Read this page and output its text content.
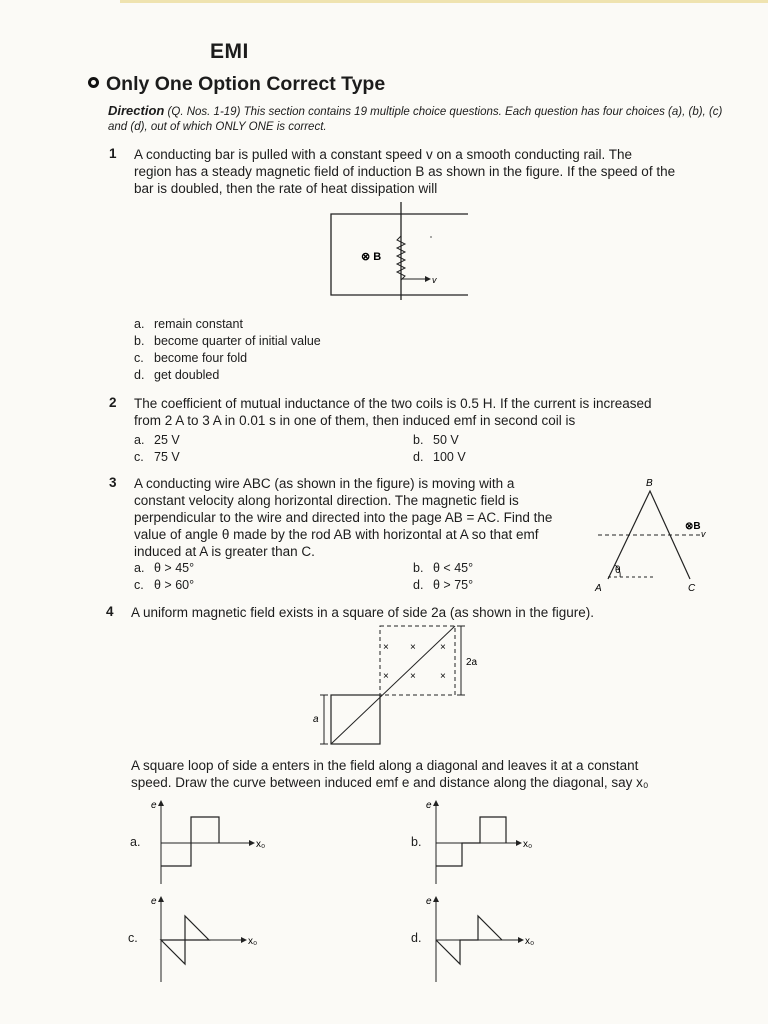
EMI
Only One Option Correct Type
Direction (Q. Nos. 1-19) This section contains 19 multiple choice questions. Each question has four choices (a), (b), (c) and (d), out of which ONLY ONE is correct.
1 A conducting bar is pulled with a constant speed v on a smooth conducting rail. The
region has a steady magnetic field of induction B as shown in the figure. If the speed of the
bar is doubled, then the rate of heat dissipation will
⊗ B
v
a. remain constant
b. become quarter of initial value
c. become four fold
d. get doubled
2 The coefficient of mutual inductance of the two coils is 0.5 H. If the current is increased
from 2 A to 3 A in 0.01 s in one of them, then induced emf in second coil is
a. 25 V	b. 50 V
c. 75 V	d. 100 V
3 A conducting wire ABC (as shown in the figure) is moving with a
constant velocity along horizontal direction. The magnetic field is
perpendicular to the wire and directed into the page AB = AC. Find the
value of angle θ made by the rod AB with horizontal at A so that emf
induced at A is greater than C.
a. θ > 45°	b. θ < 45°
c. θ > 60°	d. θ > 75°
B
⊗B
v
θ
A	C
4 A uniform magnetic field exists in a square of side 2a (as shown in the figure).
× × ×
× × ×
2a
a
A square loop of side a enters in the field along a diagonal and leaves it at a constant
speed. Draw the curve between induced emf e and distance along the diagonal, say x₀
a.
e
x₀	b.
e
x₀
c.
e
x₀	d.
e
x₀
